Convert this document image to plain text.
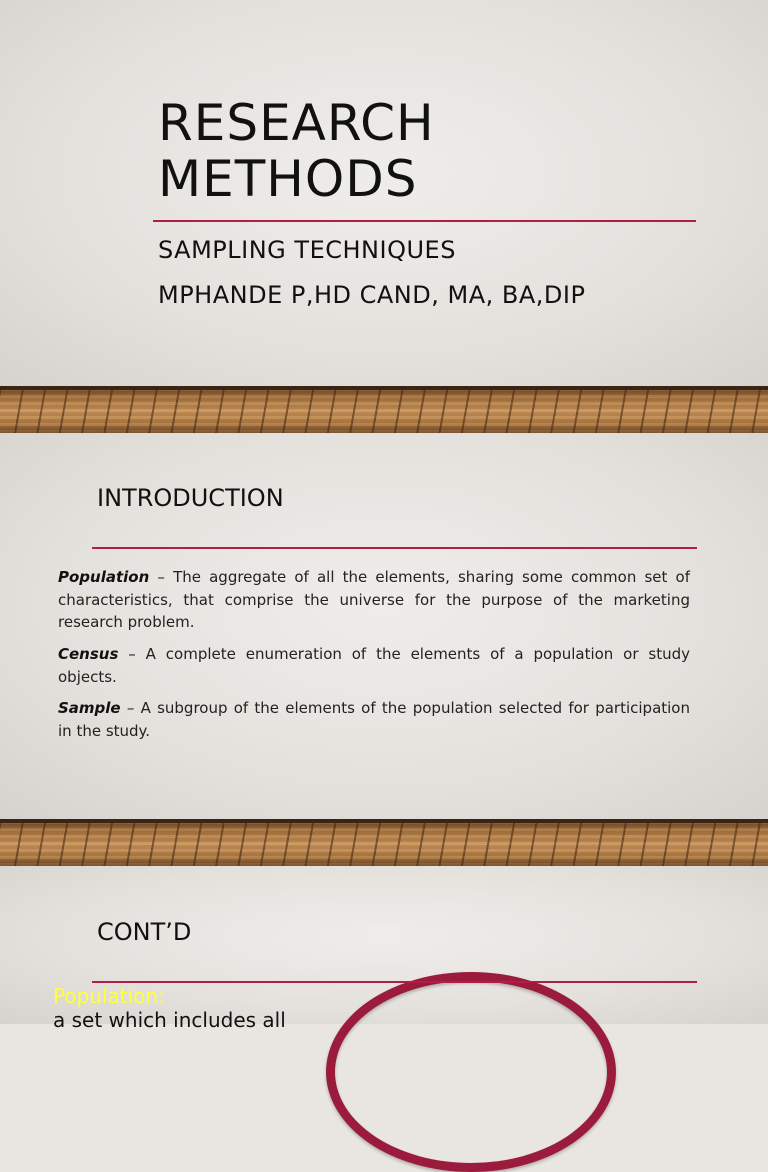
RESEARCH
METHODS
SAMPLING TECHNIQUES
MPHANDE P,HD CAND, MA, BA,DIP
INTRODUCTION
Population – The aggregate of all the elements, sharing some common set of characteristics, that comprise the universe for the purpose of the marketing research problem.
Census – A complete enumeration of the elements of a population or study objects.
Sample – A subgroup of the elements of the population selected for participation in the study.
CONT’D
Population:
a set which includes all
